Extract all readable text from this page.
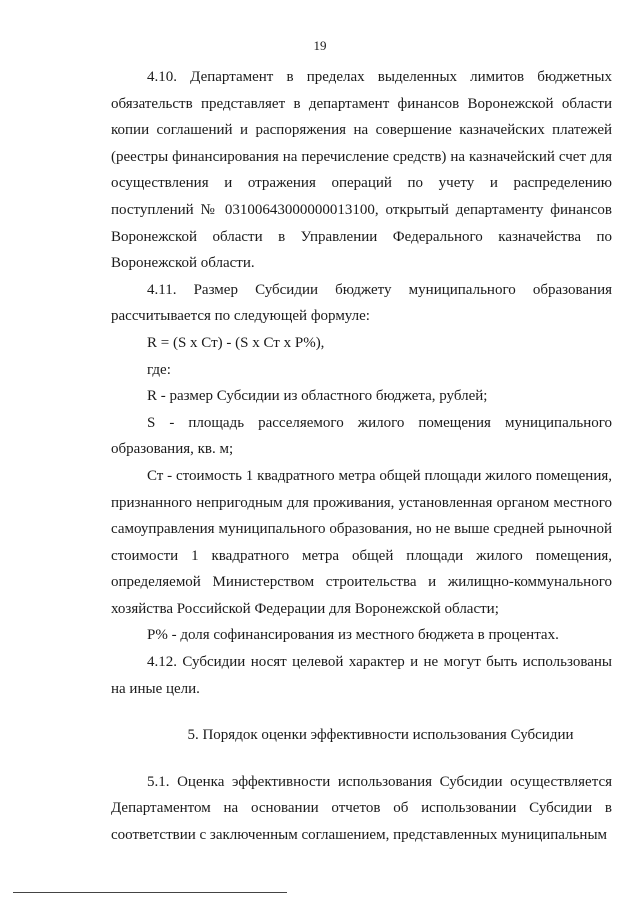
19

4.10. Департамент в пределах выделенных лимитов бюджетных обязательств представляет в департамент финансов Воронежской области копии соглашений и распоряжения на совершение казначейских платежей (реестры финансирования на перечисление средств) на казначейский счет для осуществления и отражения операций по учету и распределению поступлений № 03100643000000013100, открытый департаменту финансов Воронежской области в Управлении Федерального казначейства по Воронежской области.

4.11. Размер Субсидии бюджету муниципального образования рассчитывается по следующей формуле:

R = (S x Ст) - (S x Ст x Р%),

где:

R - размер Субсидии из областного бюджета, рублей;

S - площадь расселяемого жилого помещения муниципального образования, кв. м;

Ст - стоимость 1 квадратного метра общей площади жилого помещения, признанного непригодным для проживания, установленная органом местного самоуправления муниципального образования, но не выше средней рыночной стоимости 1 квадратного метра общей площади жилого помещения, определяемой Министерством строительства и жилищно-коммунального хозяйства Российской Федерации для Воронежской области;

Р% - доля софинансирования из местного бюджета в процентах.

4.12. Субсидии носят целевой характер и не могут быть использованы на иные цели.

5. Порядок оценки эффективности использования Субсидии

5.1. Оценка эффективности использования Субсидии осуществляется Департаментом на основании отчетов об использовании Субсидии в соответствии с заключенным соглашением, представленных муниципальным
